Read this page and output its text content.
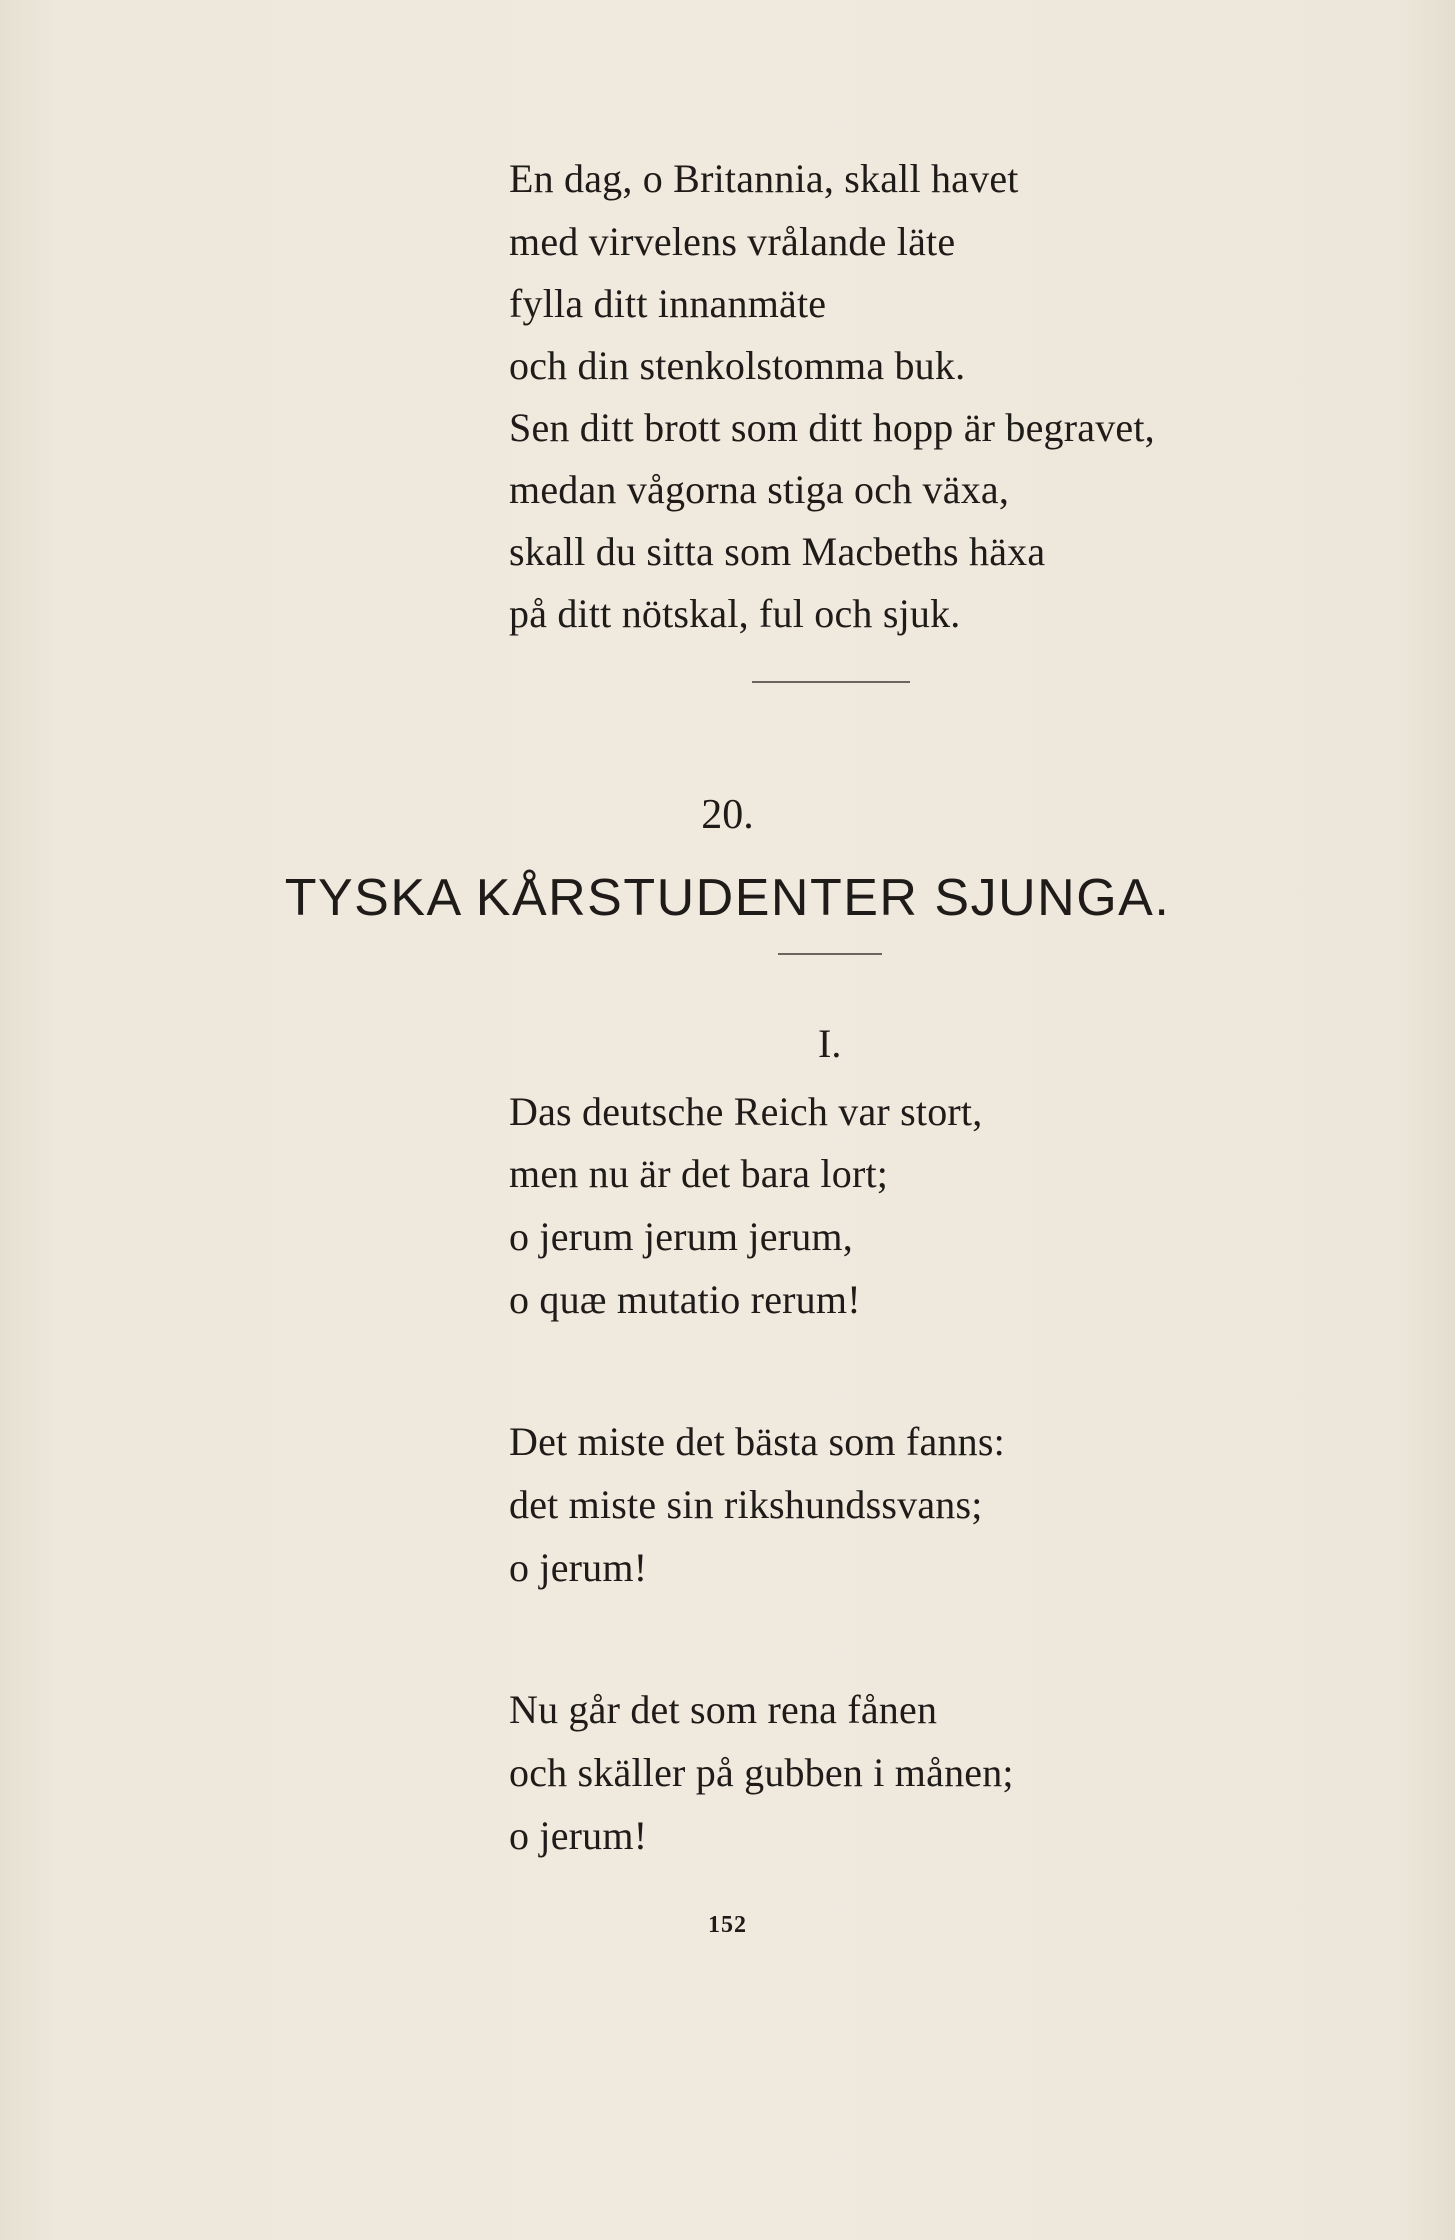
En dag, o Britannia, skall havet
med virvelens vrålande läte
fylla ditt innanmäte
och din stenkolstomma buk.
Sen ditt brott som ditt hopp är begravet,
medan vågorna stiga och växa,
skall du sitta som Macbeths häxa
på ditt nötskal, ful och sjuk.
20.
TYSKA KÅRSTUDENTER SJUNGA.
I.
Das deutsche Reich var stort,
men nu är det bara lort;
o jerum jerum jerum,
o quæ mutatio rerum!
Det miste det bästa som fanns:
det miste sin rikshundssvans;
o jerum!
Nu går det som rena fånen
och skäller på gubben i månen;
o jerum!
152
